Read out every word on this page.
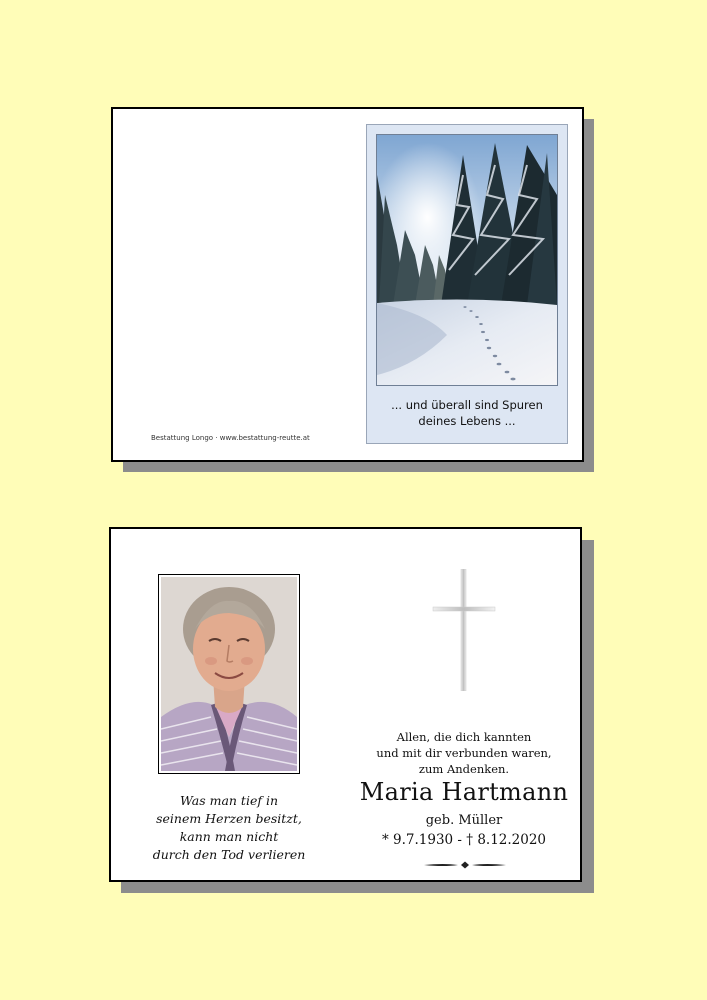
... und überall sind Spuren
deines Lebens ...
Bestattung Longo · www.bestattung-reutte.at
Was man tief in
seinem Herzen besitzt,
kann man nicht
durch den Tod verlieren
Allen, die dich kannten
und mit dir verbunden waren,
zum Andenken.
Maria Hartmann
geb. Müller
* 9.7.1930 - † 8.12.2020
